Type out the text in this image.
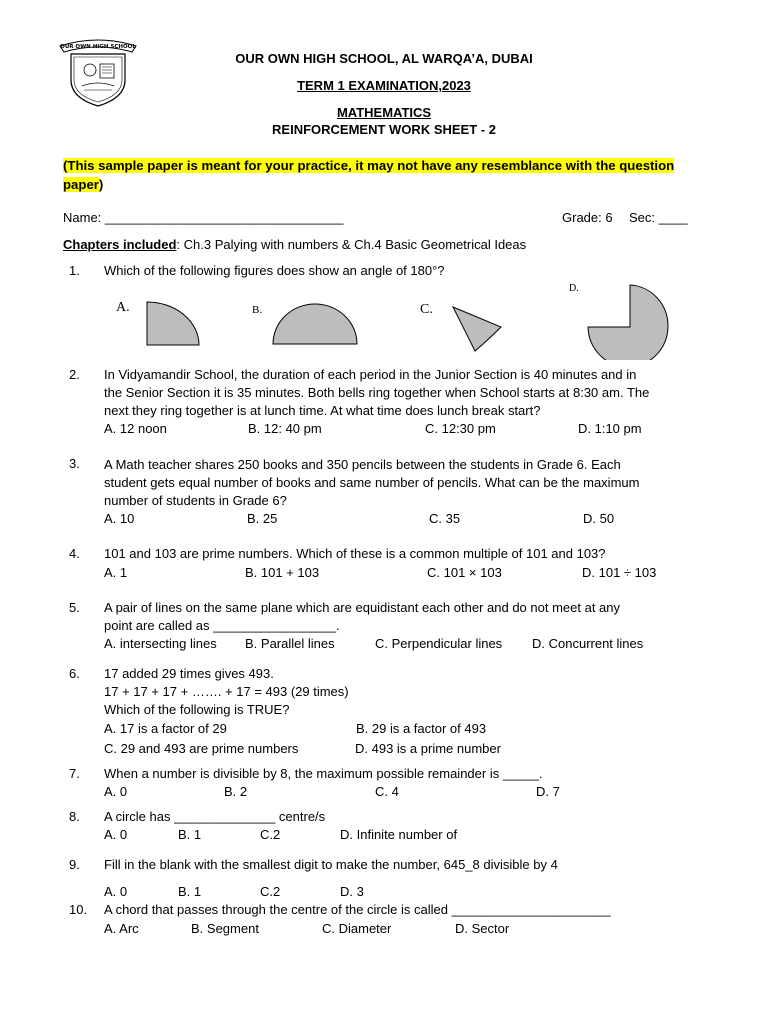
OUR OWN HIGH SCHOOL
OUR OWN HIGH SCHOOL, AL WARQA’A, DUBAI
TERM 1 EXAMINATION,2023
MATHEMATICS
REINFORCEMENT WORK SHEET - 2
(This sample paper is meant for your practice, it may not have any resemblance with the question
paper)
Name: _________________________________	Grade: 6 Sec: ____
Chapters included: Ch.3 Palying with numbers & Ch.4 Basic Geometrical Ideas
1. Which of the following figures does show an angle of 180°?
A.	B.	C.
D.
2. In Vidyamandir School, the duration of each period in the Junior Section is 40 minutes and in
the Senior Section it is 35 minutes. Both bells ring together when School starts at 8:30 am. The
next they ring together is at lunch time. At what time does lunch break start?
A. 12 noon	B. 12: 40 pm	C. 12:30 pm	D. 1:10 pm
3. A Math teacher shares 250 books and 350 pencils between the students in Grade 6. Each
student gets equal number of books and same number of pencils. What can be the maximum
number of students in Grade 6?
A. 10	B. 25	C. 35	D. 50
4. 101 and 103 are prime numbers. Which of these is a common multiple of 101 and 103?
A. 1	B. 101 + 103	C. 101 × 103	D. 101 ÷ 103
5. A pair of lines on the same plane which are equidistant each other and do not meet at any
point are called as _________________.
A. intersecting lines B. Parallel lines	C. Perpendicular lines D. Concurrent lines
6. 17 added 29 times gives 493.
17 + 17 + 17 + ……. + 17 = 493 (29 times)
Which of the following is TRUE?
A. 17 is a factor of 29	B. 29 is a factor of 493
C. 29 and 493 are prime numbers	D. 493 is a prime number
7. When a number is divisible by 8, the maximum possible remainder is _____.
A. 0	B. 2	C. 4	D. 7
8. A circle has ______________ centre/s
A. 0	B. 1	C.2	D. Infinite number of
9. Fill in the blank with the smallest digit to make the number, 645_8 divisible by 4
A. 0	B. 1	C.2	D. 3
10. A chord that passes through the centre of the circle is called ______________________
A. Arc	B. Segment	C. Diameter	D. Sector
